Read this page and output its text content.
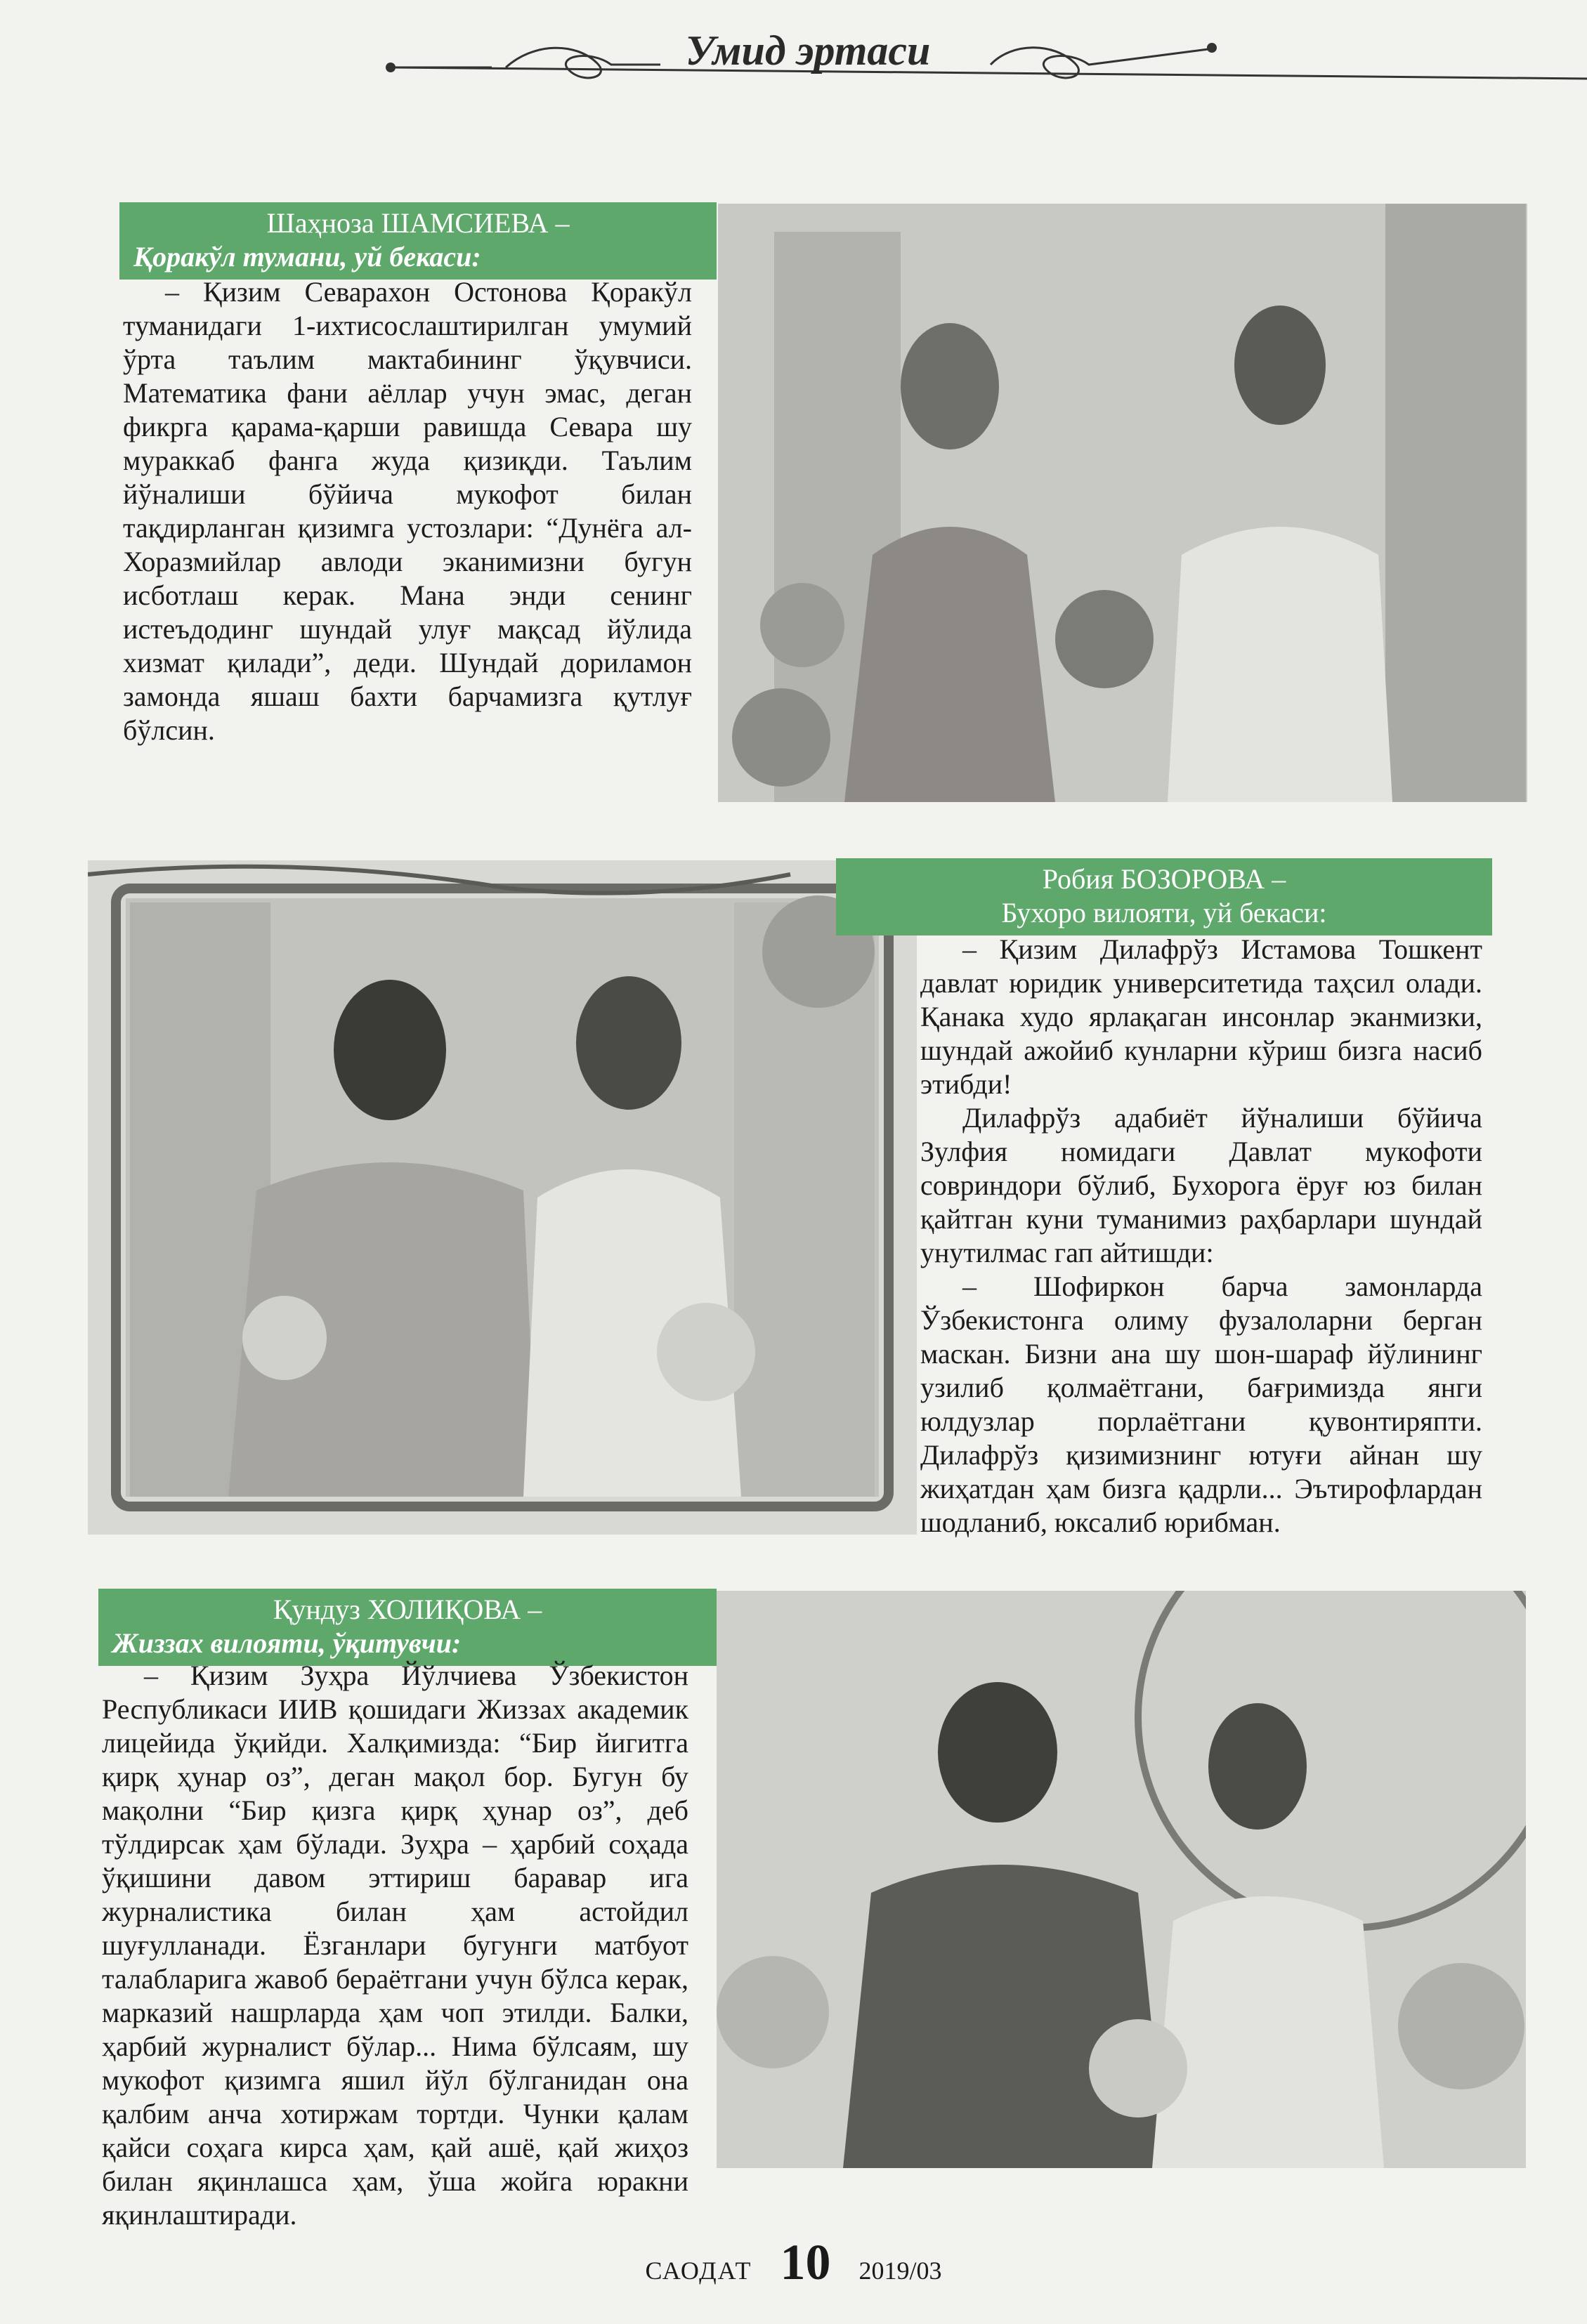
Умид эртаси
Шаҳноза ШАМСИЕВА –
Қоракўл тумани, уй бекаси:

– Қизим Севарахон Остонова Қоракўл туманидаги 1-ихтисослаштирилган умумий ўрта таълим мактабининг ўқувчиси. Математика фани аёллар учун эмас, деган фикрга қарама-қарши равишда Севара шу мураккаб фанга жуда қизиқди. Таълим йўналиши бўйича мукофот билан тақдирланган қизимга устозлари: “Дунёга ал-Хоразмийлар авлоди эканимизни бугун исботлаш керак. Мана энди сенинг истеъдодинг шундай улуғ мақсад йўлида хизмат қилади”, деди. Шундай дориламон замонда яшаш бахти барчамизга қутлуғ бўлсин.

Робия БОЗОРОВА –
Бухоро вилояти, уй бекаси:

– Қизим Дилафрўз Истамова Тошкент давлат юридик университетида таҳсил олади. Қанака худо ярлақаган инсонлар эканмизки, шундай ажойиб кунларни кўриш бизга насиб этибди!

Дилафрўз адабиёт йўналиши бўйича Зулфия номидаги Давлат мукофоти совриндори бўлиб, Бухорога ёруғ юз билан қайтган куни туманимиз раҳбарлари шундай унутилмас гап айтишди:

– Шофиркон барча замонларда Ўзбекистонга олиму фузалоларни берган маскан. Бизни ана шу шон-шараф йўлининг узилиб қолмаётгани, бағримизда янги юлдузлар порлаётгани қувонтиряпти. Дилафрўз қизимизнинг ютуғи айнан шу жиҳатдан ҳам бизга қадрли... Эътирофлардан шодланиб, юксалиб юрибман.

Қундуз ХОЛИҚОВА –
Жиззах вилояти, ўқитувчи:

– Қизим Зуҳра Йўлчиева Ўзбекистон Республикаси ИИВ қошидаги Жиззах академик лицейида ўқийди. Халқимизда: “Бир йигитга қирқ ҳунар оз”, деган мақол бор. Бугун бу мақолни “Бир қизга қирқ ҳунар оз”, деб тўлдирсак ҳам бўлади. Зуҳра – ҳарбий соҳада ўқишини давом эттириш баравар ига журналистика билан ҳам астойдил шуғулланади. Ёзганлари бугунги матбуот талабларига жавоб бераётгани учун бўлса керак, марказий нашрларда ҳам чоп этилди. Балки, ҳарбий журналист бўлар... Нима бўлсаям, шу мукофот қизимга яшил йўл бўлганидан она қалбим анча хотиржам тортди. Чунки қалам қайси соҳага кирса ҳам, қай ашё, қай жиҳоз билан яқинлашса ҳам, ўша жойга юракни яқинлаштиради.

САОДАТ 10 2019/03
